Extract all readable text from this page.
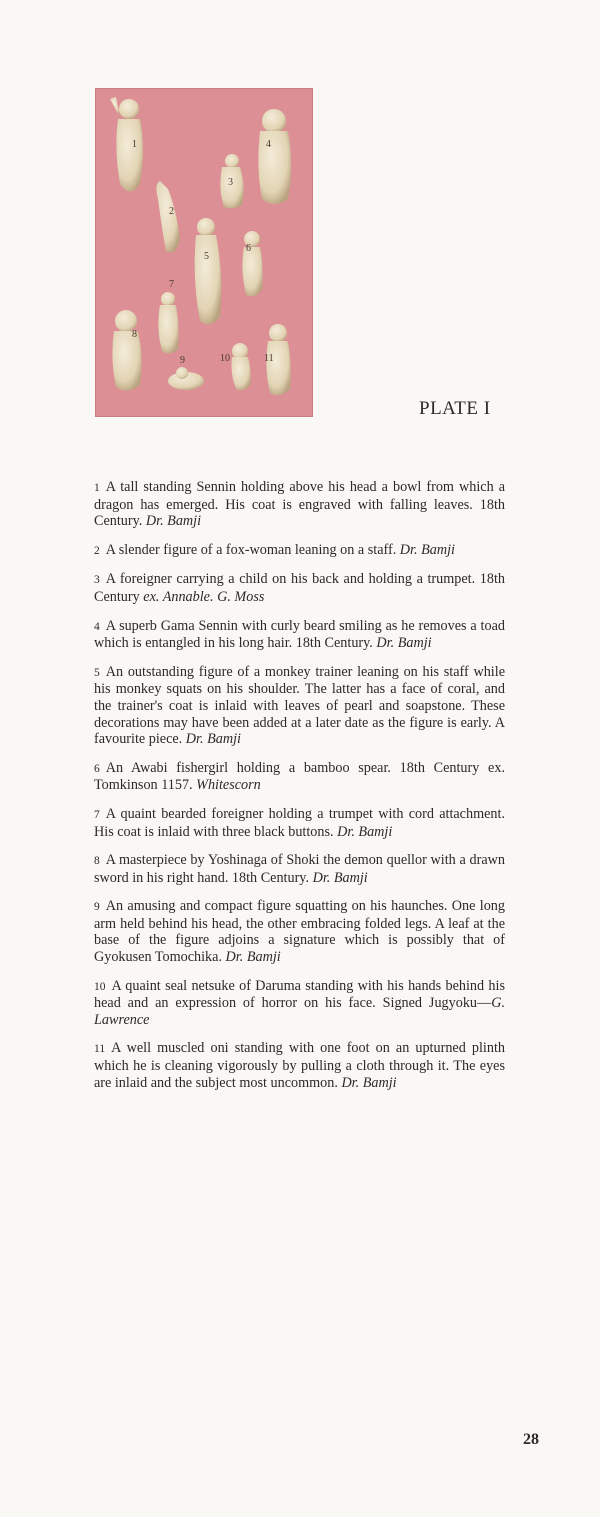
1
2
3
4
5
6
7
8
9	10	11
PLATE I

1 A tall standing Sennin holding above his head a bowl from which a dragon has emerged. His coat is engraved with falling leaves. 18th Century. Dr. Bamji

2 A slender figure of a fox-woman leaning on a staff. Dr. Bamji

3 A foreigner carrying a child on his back and holding a trumpet. 18th Century ex. Annable. G. Moss

4 A superb Gama Sennin with curly beard smiling as he removes a toad which is entangled in his long hair. 18th Century. Dr. Bamji

5 An outstanding figure of a monkey trainer leaning on his staff while his monkey squats on his shoulder. The latter has a face of coral, and the trainer's coat is inlaid with leaves of pearl and soapstone. These decorations may have been added at a later date as the figure is early. A favourite piece. Dr. Bamji

6 An Awabi fishergirl holding a bamboo spear. 18th Century ex. Tomkinson 1157. Whitescorn

7 A quaint bearded foreigner holding a trumpet with cord attachment. His coat is inlaid with three black buttons. Dr. Bamji

8 A masterpiece by Yoshinaga of Shoki the demon quellor with a drawn sword in his right hand. 18th Century. Dr. Bamji

9 An amusing and compact figure squatting on his haunches. One long arm held behind his head, the other embracing folded legs. A leaf at the base of the figure adjoins a signature which is possibly that of Gyokusen Tomochika. Dr. Bamji

10 A quaint seal netsuke of Daruma standing with his hands behind his head and an expression of horror on his face. Signed Jugyoku—G. Lawrence

11 A well muscled oni standing with one foot on an upturned plinth which he is cleaning vigorously by pulling a cloth through it. The eyes are inlaid and the subject most uncommon. Dr. Bamji

28
